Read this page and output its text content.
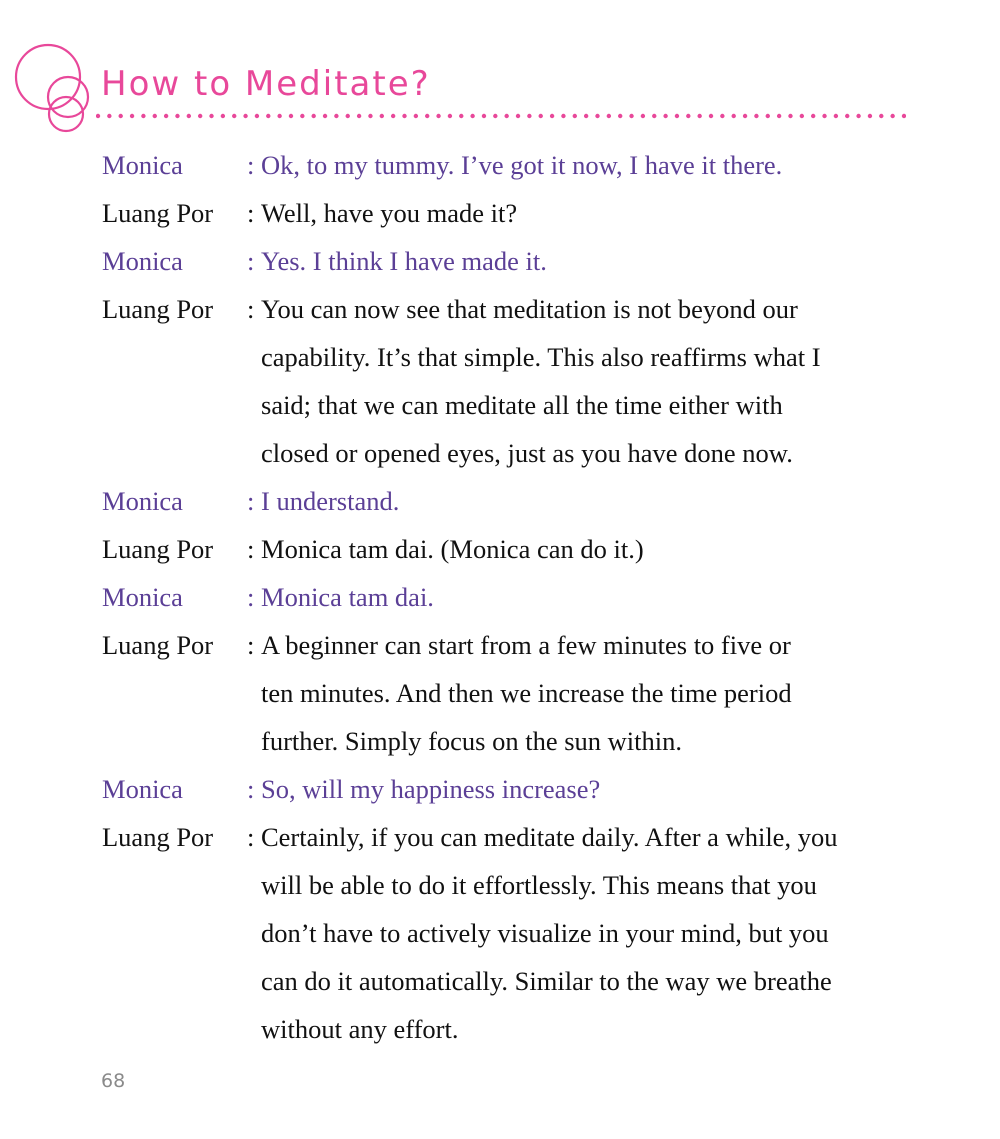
How to Meditate?
Monica	: Ok, to my tummy. I’ve got it now, I have it there.
Luang Por	: Well, have you made it?
Monica	: Yes. I think I have made it.
Luang Por	: You can now see that meditation is not beyond our
capability. It’s that simple. This also reaffirms what I
said; that we can meditate all the time either with
closed or opened eyes, just as you have done now.
Monica	: I understand.
Luang Por	: Monica tam dai. (Monica can do it.)
Monica	: Monica tam dai.
Luang Por	: A beginner can start from a few minutes to five or
ten minutes. And then we increase the time period
further. Simply focus on the sun within.
Monica	: So, will my happiness increase?
Luang Por	: Certainly, if you can meditate daily. After a while, you
will be able to do it effortlessly. This means that you
don’t have to actively visualize in your mind, but you
can do it automatically. Similar to the way we breathe
without any effort.
68
